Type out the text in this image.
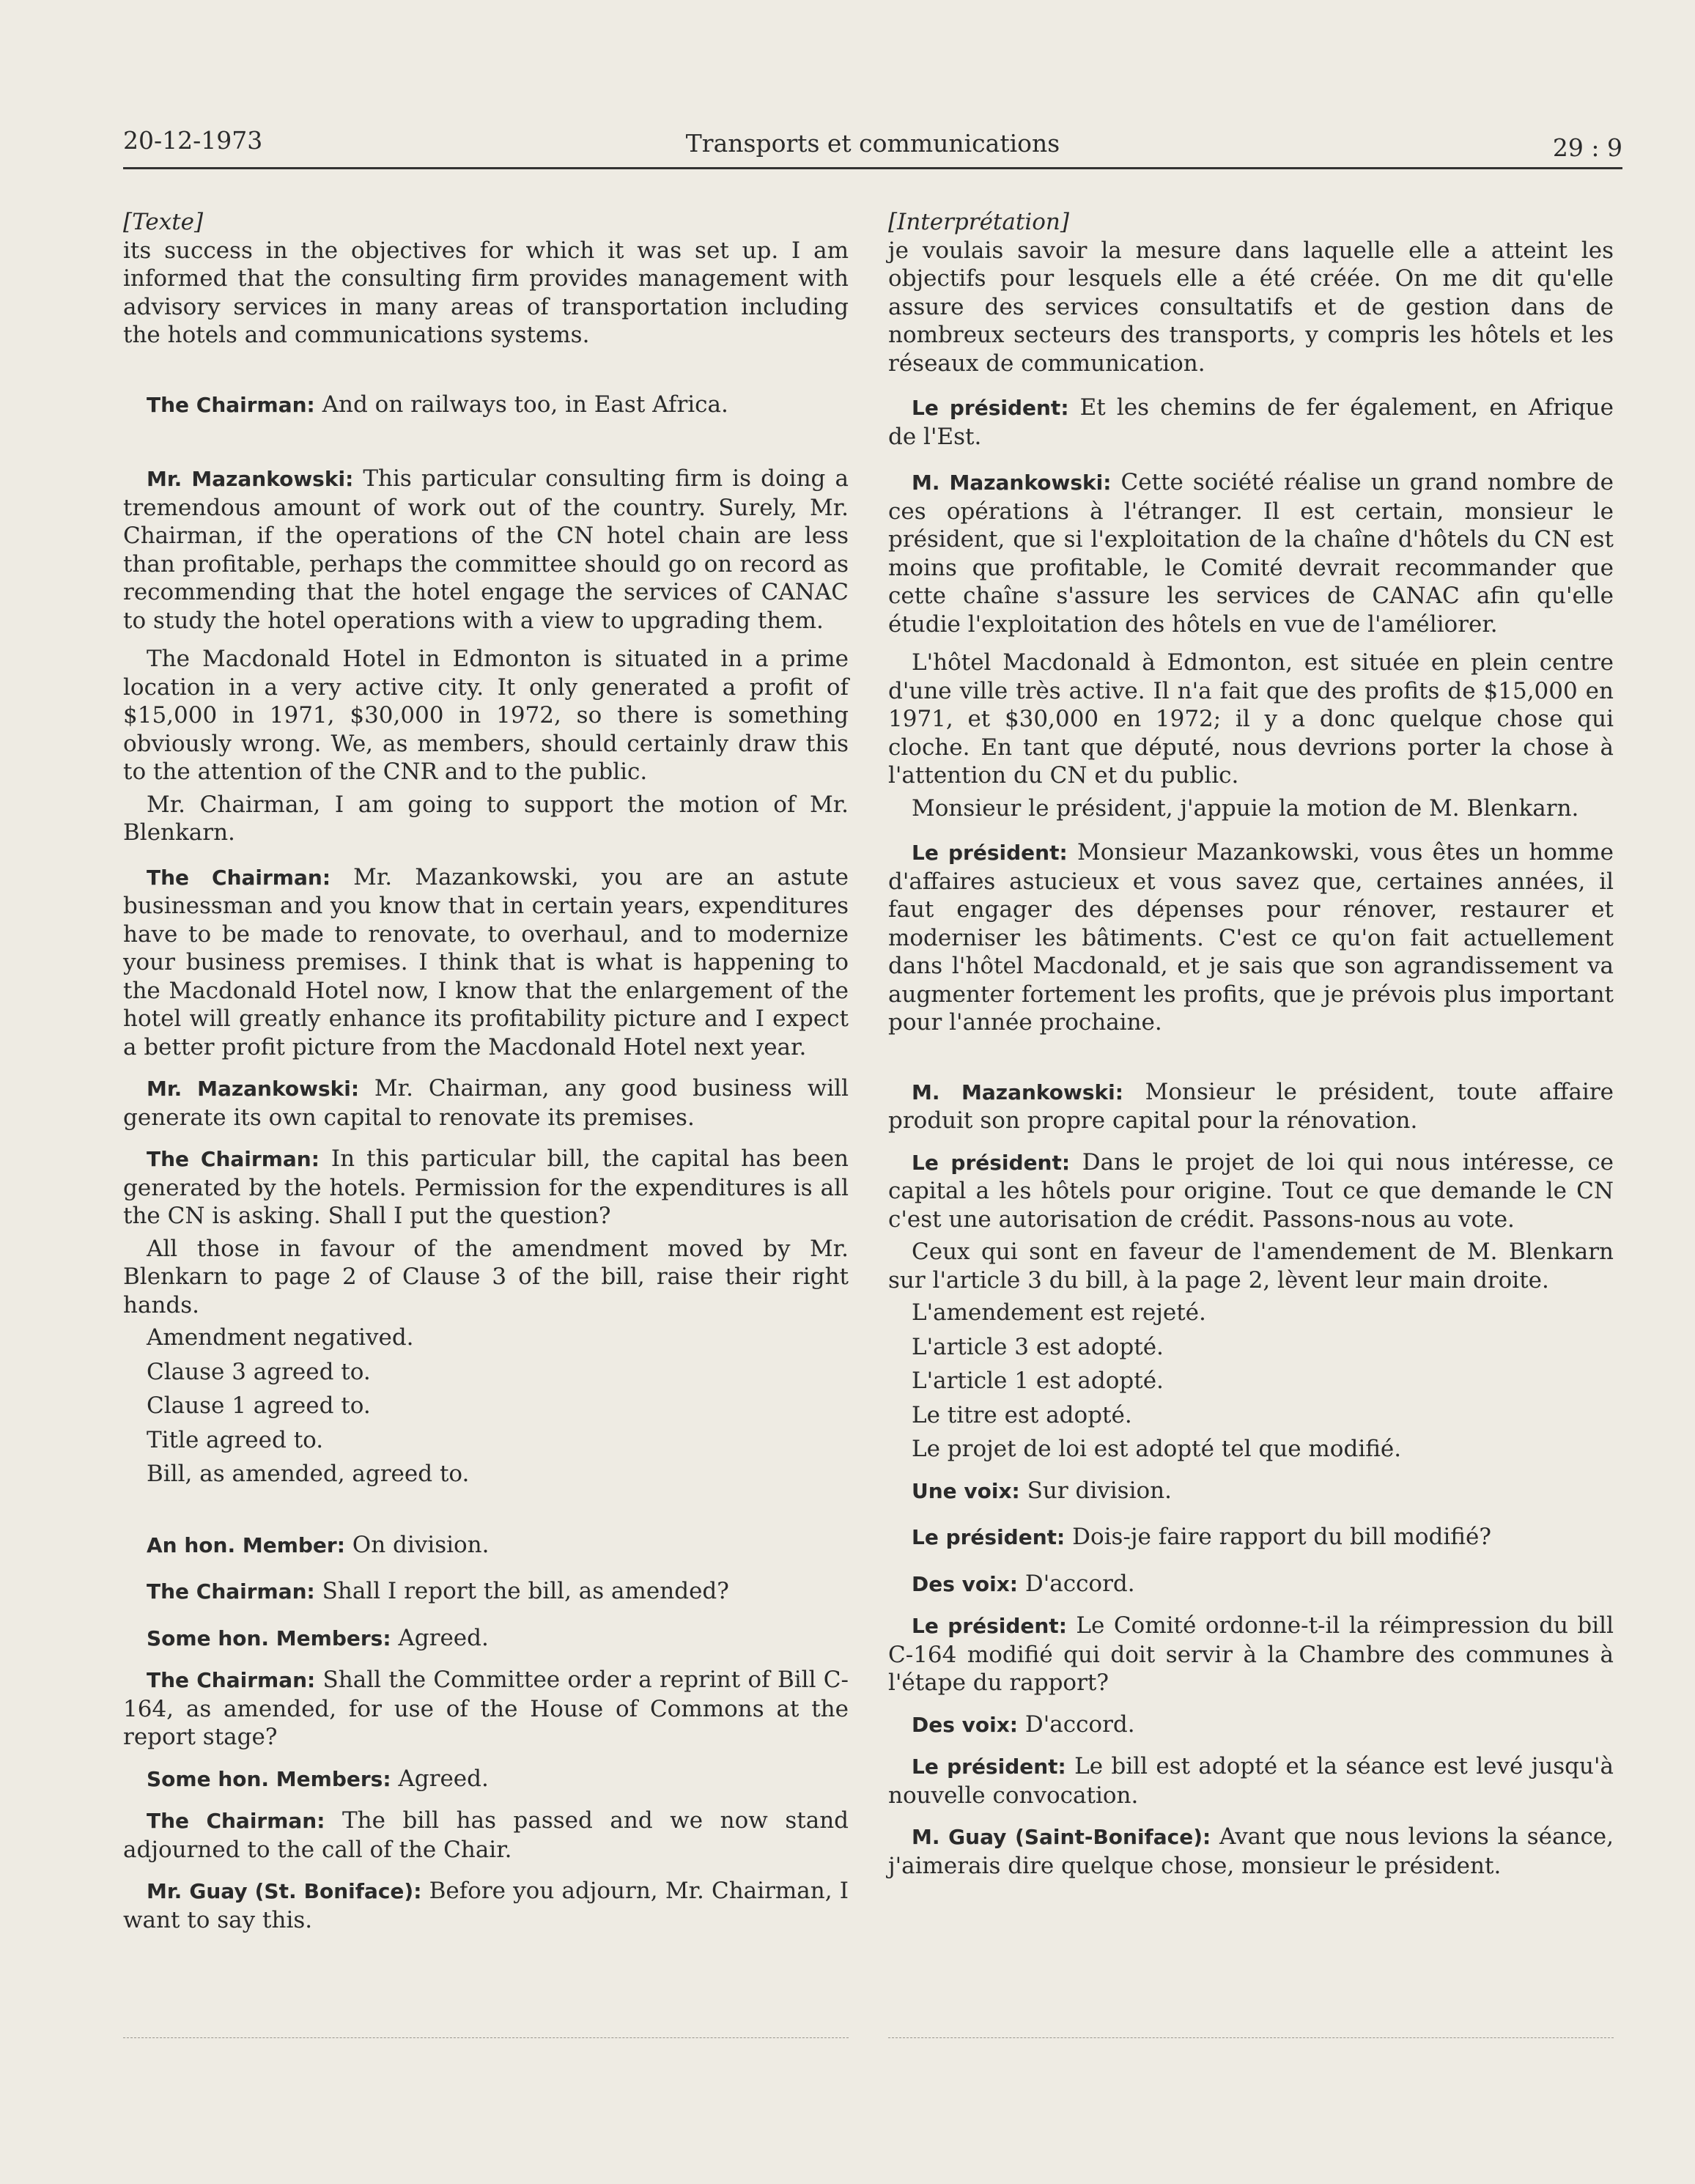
20-12-1973	Transports et communications	29 : 9

[Texte]

its success in the objectives for which it was set up. I am informed that the consulting firm provides management with advisory services in many areas of transportation including the hotels and communications systems.

The Chairman: And on railways too, in East Africa.

Mr. Mazankowski: This particular consulting firm is doing a tremendous amount of work out of the country. Surely, Mr. Chairman, if the operations of the CN hotel chain are less than profitable, perhaps the committee should go on record as recommending that the hotel engage the services of CANAC to study the hotel operations with a view to upgrading them.

The Macdonald Hotel in Edmonton is situated in a prime location in a very active city. It only generated a profit of $15,000 in 1971, $30,000 in 1972, so there is something obviously wrong. We, as members, should certainly draw this to the attention of the CNR and to the public.

Mr. Chairman, I am going to support the motion of Mr. Blenkarn.

The Chairman: Mr. Mazankowski, you are an astute businessman and you know that in certain years, expenditures have to be made to renovate, to overhaul, and to modernize your business premises. I think that is what is happening to the Macdonald Hotel now, I know that the enlargement of the hotel will greatly enhance its profitability picture and I expect a better profit picture from the Macdonald Hotel next year.

Mr. Mazankowski: Mr. Chairman, any good business will generate its own capital to renovate its premises.

The Chairman: In this particular bill, the capital has been generated by the hotels. Permission for the expenditures is all the CN is asking. Shall I put the question?

All those in favour of the amendment moved by Mr. Blenkarn to page 2 of Clause 3 of the bill, raise their right hands.

Amendment negatived.

Clause 3 agreed to.

Clause 1 agreed to.

Title agreed to.

Bill, as amended, agreed to.

An hon. Member: On division.

The Chairman: Shall I report the bill, as amended?

Some hon. Members: Agreed.

The Chairman: Shall the Committee order a reprint of Bill C-164, as amended, for use of the House of Commons at the report stage?

Some hon. Members: Agreed.

The Chairman: The bill has passed and we now stand adjourned to the call of the Chair.

Mr. Guay (St. Boniface): Before you adjourn, Mr. Chairman, I want to say this.

[Interprétation]

je voulais savoir la mesure dans laquelle elle a atteint les objectifs pour lesquels elle a été créée. On me dit qu'elle assure des services consultatifs et de gestion dans de nombreux secteurs des transports, y compris les hôtels et les réseaux de communication.

Le président: Et les chemins de fer également, en Afrique de l'Est.

M. Mazankowski: Cette société réalise un grand nombre de ces opérations à l'étranger. Il est certain, monsieur le président, que si l'exploitation de la chaîne d'hôtels du CN est moins que profitable, le Comité devrait recommander que cette chaîne s'assure les services de CANAC afin qu'elle étudie l'exploitation des hôtels en vue de l'améliorer.

L'hôtel Macdonald à Edmonton, est située en plein centre d'une ville très active. Il n'a fait que des profits de $15,000 en 1971, et $30,000 en 1972; il y a donc quelque chose qui cloche. En tant que député, nous devrions porter la chose à l'attention du CN et du public.

Monsieur le président, j'appuie la motion de M. Blenkarn.

Le président: Monsieur Mazankowski, vous êtes un homme d'affaires astucieux et vous savez que, certaines années, il faut engager des dépenses pour rénover, restaurer et moderniser les bâtiments. C'est ce qu'on fait actuellement dans l'hôtel Macdonald, et je sais que son agrandissement va augmenter fortement les profits, que je prévois plus important pour l'année prochaine.

M. Mazankowski: Monsieur le président, toute affaire produit son propre capital pour la rénovation.

Le président: Dans le projet de loi qui nous intéresse, ce capital a les hôtels pour origine. Tout ce que demande le CN c'est une autorisation de crédit. Passons-nous au vote.

Ceux qui sont en faveur de l'amendement de M. Blenkarn sur l'article 3 du bill, à la page 2, lèvent leur main droite.

L'amendement est rejeté.

L'article 3 est adopté.

L'article 1 est adopté.

Le titre est adopté.

Le projet de loi est adopté tel que modifié.

Une voix: Sur division.

Le président: Dois-je faire rapport du bill modifié?

Des voix: D'accord.

Le président: Le Comité ordonne-t-il la réimpression du bill C-164 modifié qui doit servir à la Chambre des communes à l'étape du rapport?

Des voix: D'accord.

Le président: Le bill est adopté et la séance est levé jusqu'à nouvelle convocation.

M. Guay (Saint-Boniface): Avant que nous levions la séance, j'aimerais dire quelque chose, monsieur le président.
